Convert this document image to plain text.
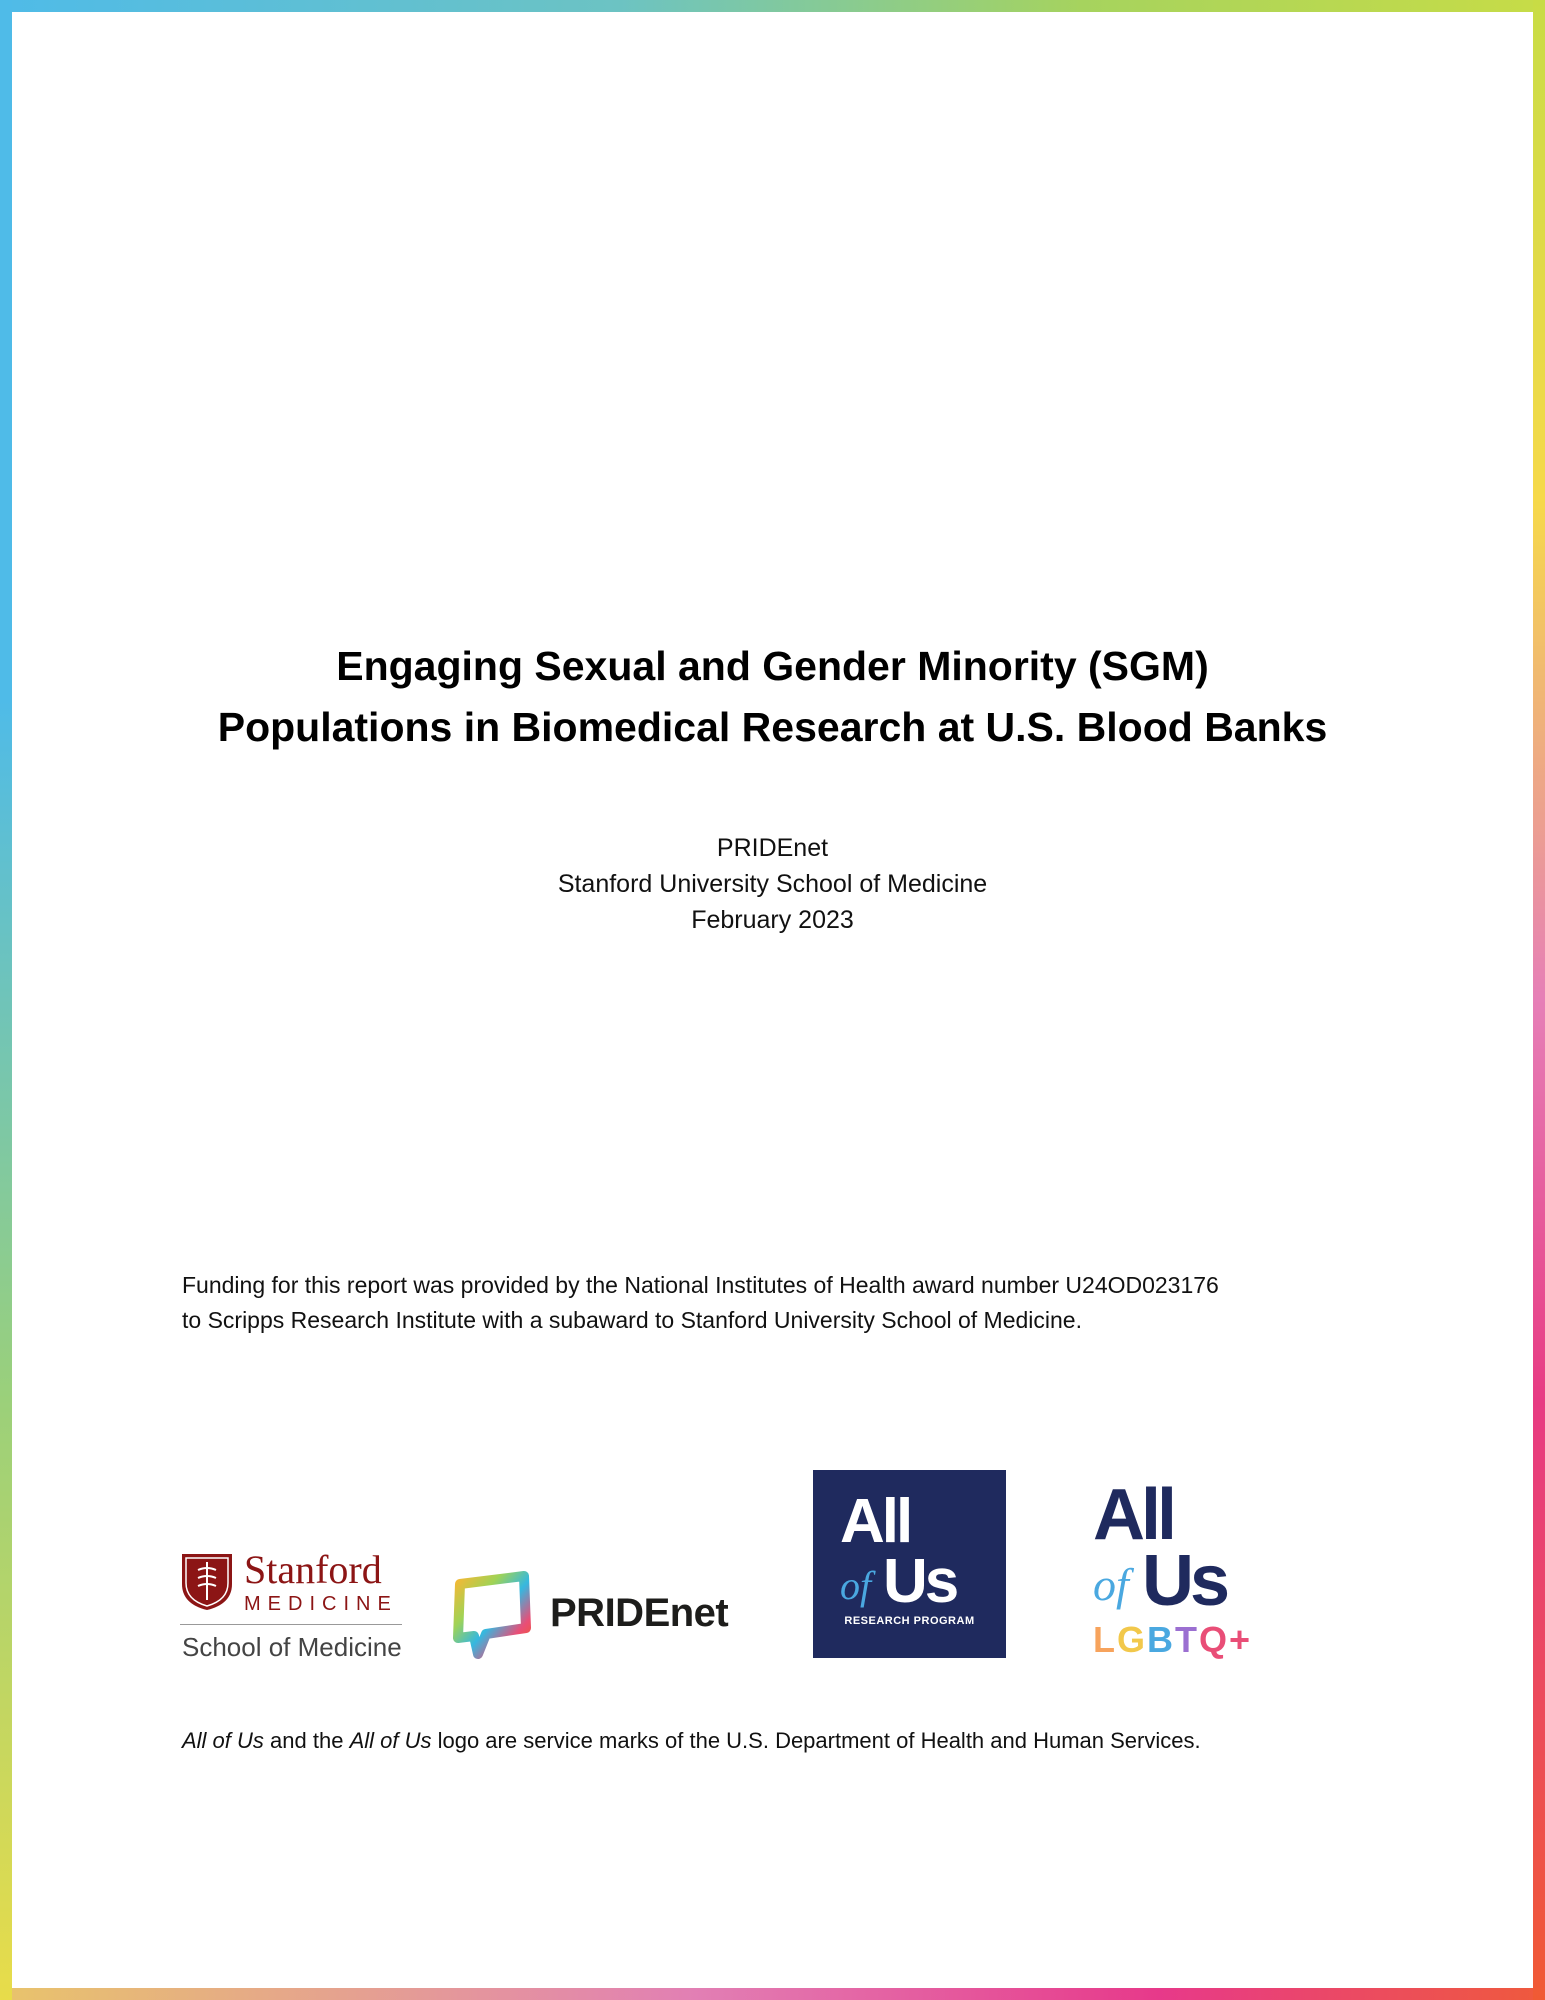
Engaging Sexual and Gender Minority (SGM)
Populations in Biomedical Research at U.S. Blood Banks
PRIDEnet
Stanford University School of Medicine
February 2023
Funding for this report was provided by the National Institutes of Health award number U24OD023176
to Scripps Research Institute with a subaward to Stanford University School of Medicine.
Stanford
MEDICINE
School of Medicine
PRIDEnet
All
of Us
RESEARCH PROGRAM
All
of Us
LGBTQ+
All of Us and the All of Us logo are service marks of the U.S. Department of Health and Human Services.
